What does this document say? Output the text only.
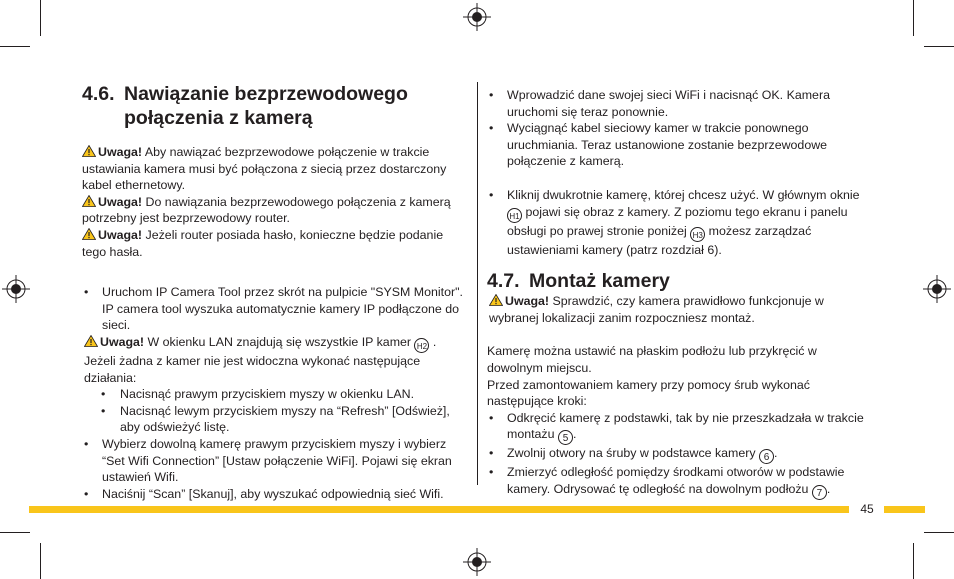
4.6. Nawiązanie bezprzewodowego
połączenia z kamerą

Uwaga! Aby nawiązać bezprzewodowe połączenie w trakcie ustawiania kamera musi być połączona z siecią przez dostarczony kabel ethernetowy.

Uwaga! Do nawiązania bezprzewodowego połączenia z kamerą potrzebny jest bezprzewodowy router.

Uwaga! Jeżeli router posiada hasło, konieczne będzie podanie tego hasła.

• Uruchom IP Camera Tool przez skrót na pulpicie "SYSM Monitor". IP camera tool wyszuka automatycznie kamery IP podłączone do sieci.

Uwaga! W okienku LAN znajdują się wszystkie IP kamer H2 . Jeżeli żadna z kamer nie jest widoczna wykonać następujące działania:

• Nacisnąć prawym przyciskiem myszy w okienku LAN.

• Nacisnąć lewym przyciskiem myszy na “Refresh” [Odśwież], aby odświeżyć listę.

• Wybierz dowolną kamerę prawym przyciskiem myszy i wybierz “Set Wifi Connection” [Ustaw połączenie WiFi]. Pojawi się ekran ustawień Wifi.

• Naciśnij “Scan” [Skanuj], aby wyszukać odpowiednią sieć Wifi.

• Wprowadzić dane swojej sieci WiFi i nacisnąć OK. Kamera uruchomi się teraz ponownie.

• Wyciągnąć kabel sieciowy kamer w trakcie ponownego uruchmiania. Teraz ustanowione zostanie bezprzewodowe połączenie z kamerą.

• Kliknij dwukrotnie kamerę, której chcesz użyć. W głównym oknie H1 pojawi się obraz z kamery. Z poziomu tego ekranu i panelu obsługi po prawej stronie poniżej H3 możesz zarządzać ustawieniami kamery (patrz rozdział 6).

4.7. Montaż kamery

Uwaga! Sprawdzić, czy kamera prawidłowo funkcjonuje w wybranej lokalizacji zanim rozpoczniesz montaż.

Kamerę można ustawić na płaskim podłożu lub przykręcić w dowolnym miejscu.

Przed zamontowaniem kamery przy pomocy śrub wykonać następujące kroki:

• Odkręcić kamerę z podstawki, tak by nie przeszkadzała w trakcie montażu 5 .

• Zwolnij otwory na śruby w podstawce kamery 6 .

• Zmierzyć odległość pomiędzy środkami otworów w podstawie kamery. Odrysować tę odległość na dowolnym podłożu 7 .

45
